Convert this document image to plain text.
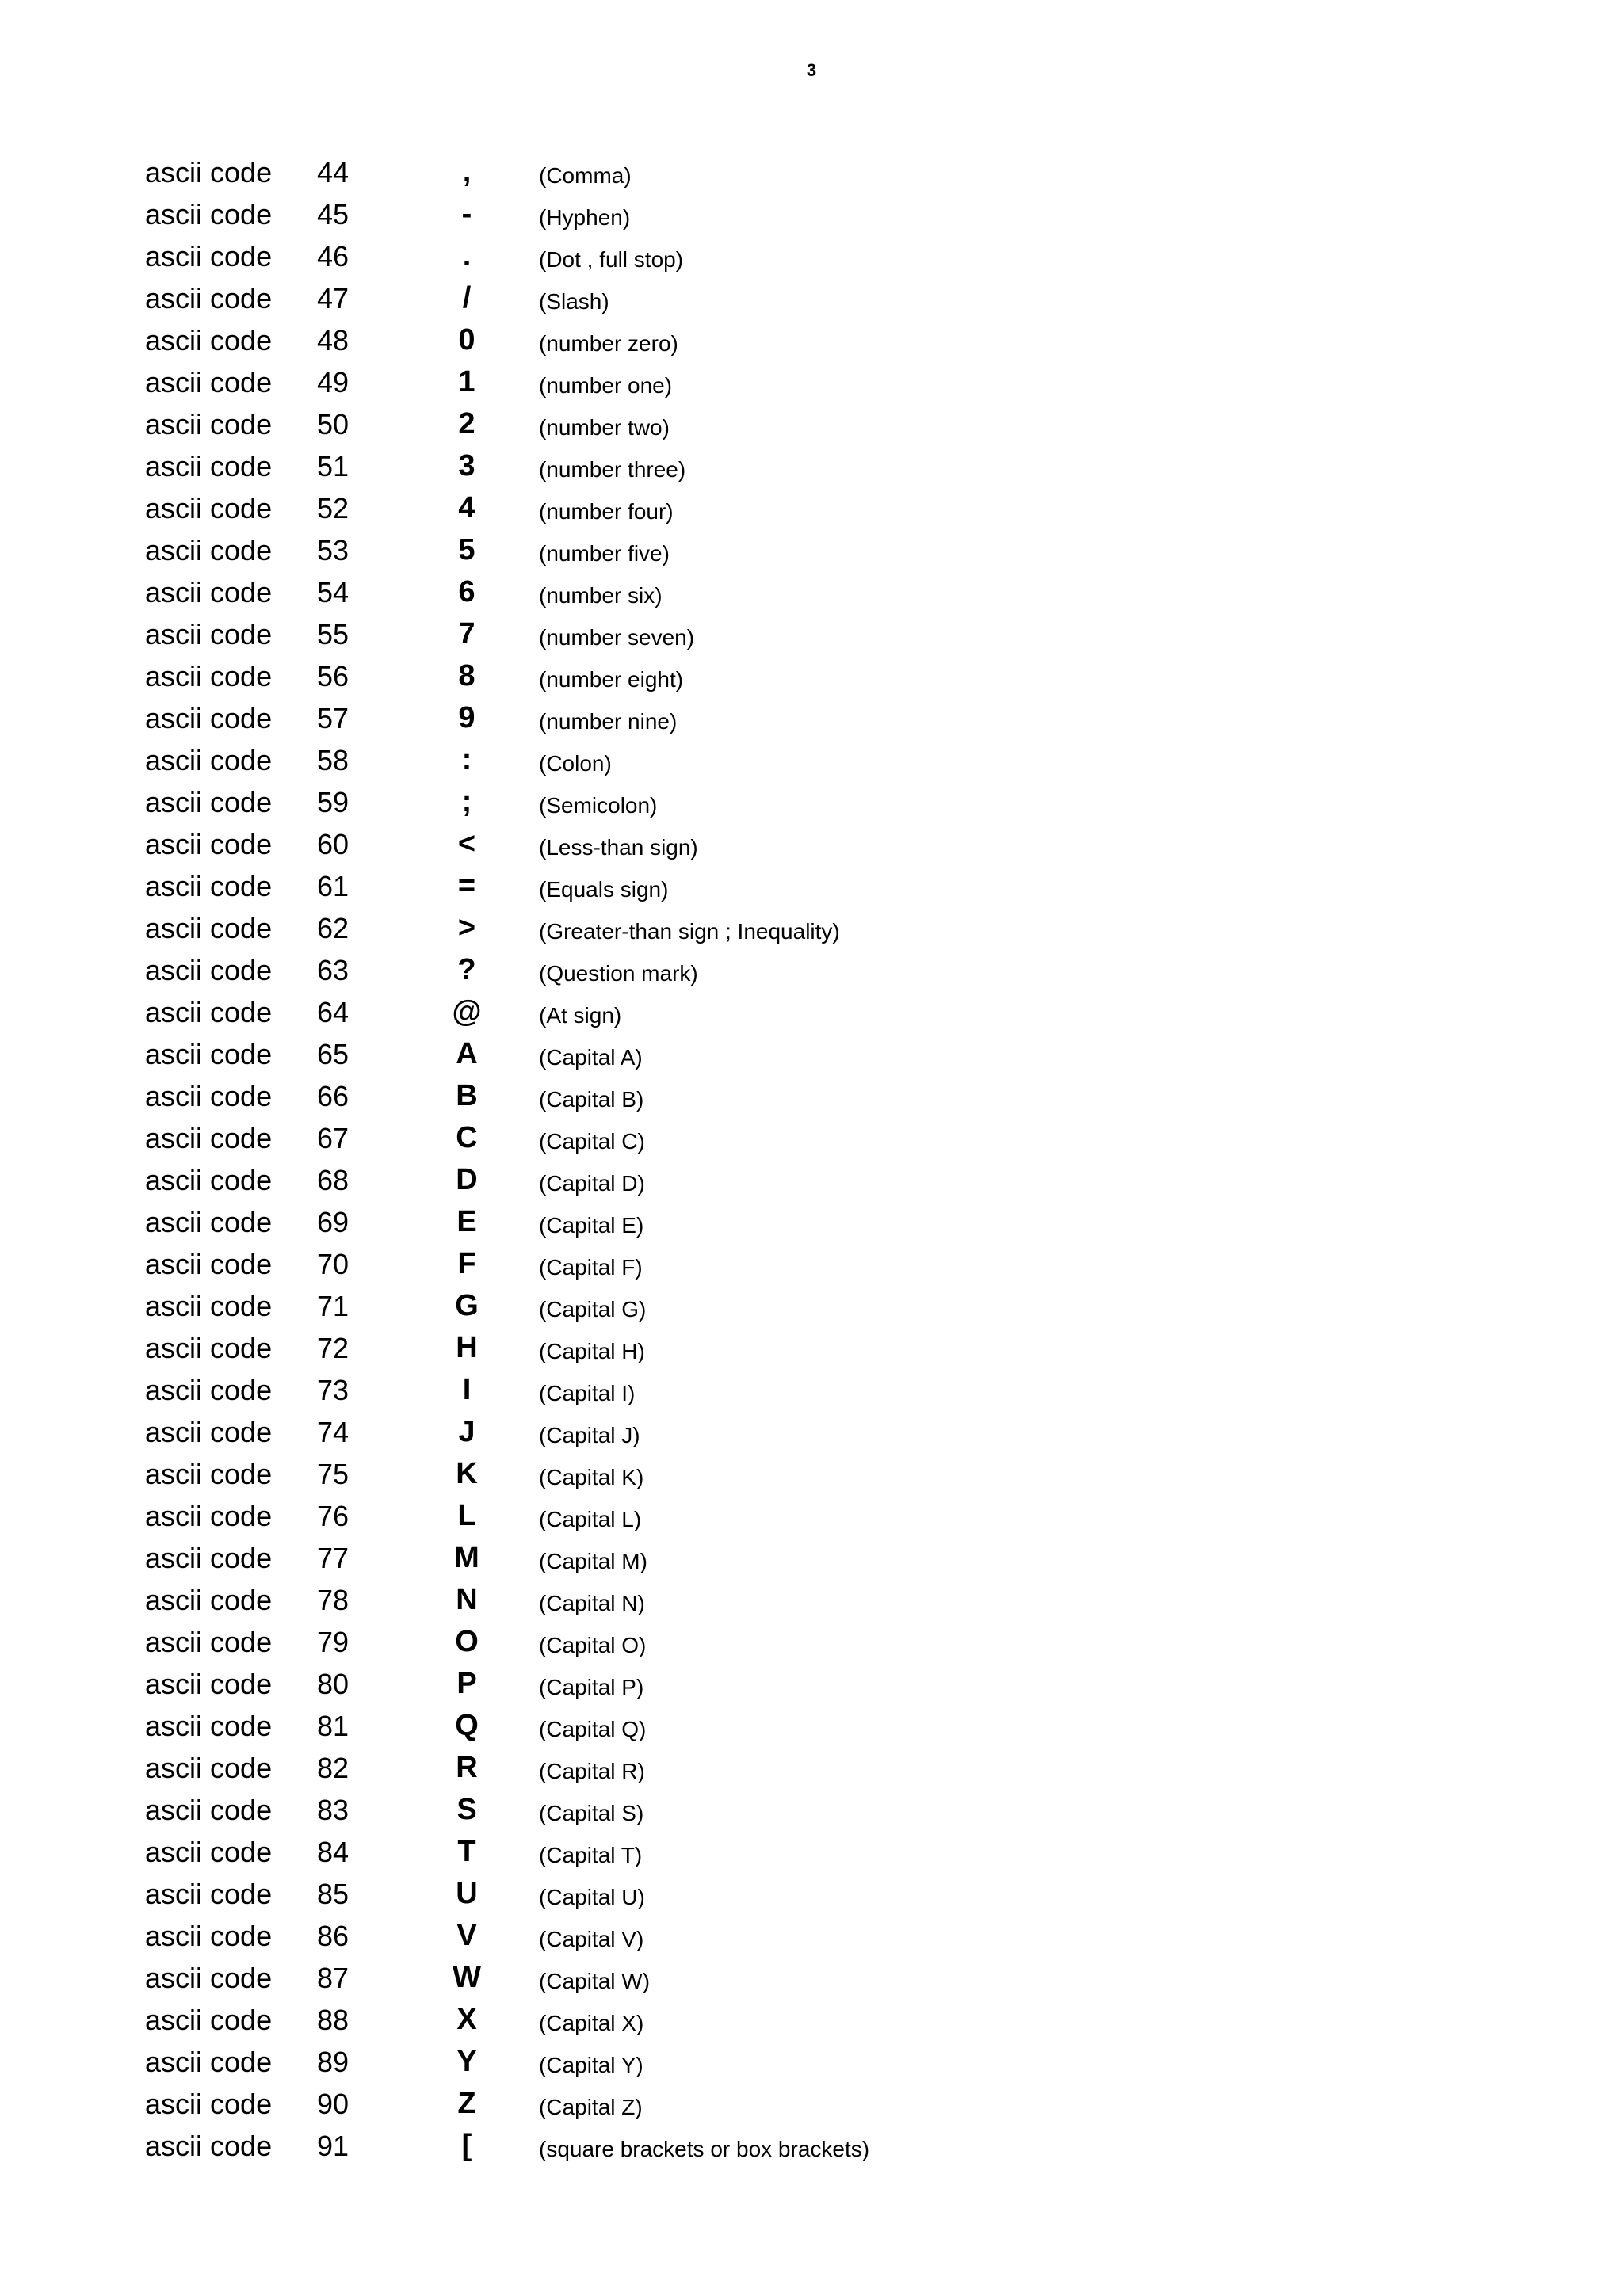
3
ascii code 44	,	(Comma)
ascii code 45	-	(Hyphen)
ascii code 46	.	(Dot , full stop)
ascii code 47	/	(Slash)
ascii code 48	0	(number zero)
ascii code 49	1	(number one)
ascii code 50	2	(number two)
ascii code 51	3	(number three)
ascii code 52	4	(number four)
ascii code 53	5	(number five)
ascii code 54	6	(number six)
ascii code 55	7	(number seven)
ascii code 56	8	(number eight)
ascii code 57	9	(number nine)
ascii code 58	:	(Colon)
ascii code 59	;	(Semicolon)
ascii code 60	<	(Less-than sign)
ascii code 61	=	(Equals sign)
ascii code 62	>	(Greater-than sign ; Inequality)
ascii code 63	?	(Question mark)
ascii code 64	@	(At sign)
ascii code 65	A	(Capital A)
ascii code 66	B	(Capital B)
ascii code 67	C	(Capital C)
ascii code 68	D	(Capital D)
ascii code 69	E	(Capital E)
ascii code 70	F	(Capital F)
ascii code 71	G	(Capital G)
ascii code 72	H	(Capital H)
ascii code 73	I	(Capital I)
ascii code 74	J	(Capital J)
ascii code 75	K	(Capital K)
ascii code 76	L	(Capital L)
ascii code 77	M	(Capital M)
ascii code 78	N	(Capital N)
ascii code 79	O	(Capital O)
ascii code 80	P	(Capital P)
ascii code 81	Q	(Capital Q)
ascii code 82	R	(Capital R)
ascii code 83	S	(Capital S)
ascii code 84	T	(Capital T)
ascii code 85	U	(Capital U)
ascii code 86	V	(Capital V)
ascii code 87	W	(Capital W)
ascii code 88	X	(Capital X)
ascii code 89	Y	(Capital Y)
ascii code 90	Z	(Capital Z)
ascii code 91	[	(square brackets or box brackets)
